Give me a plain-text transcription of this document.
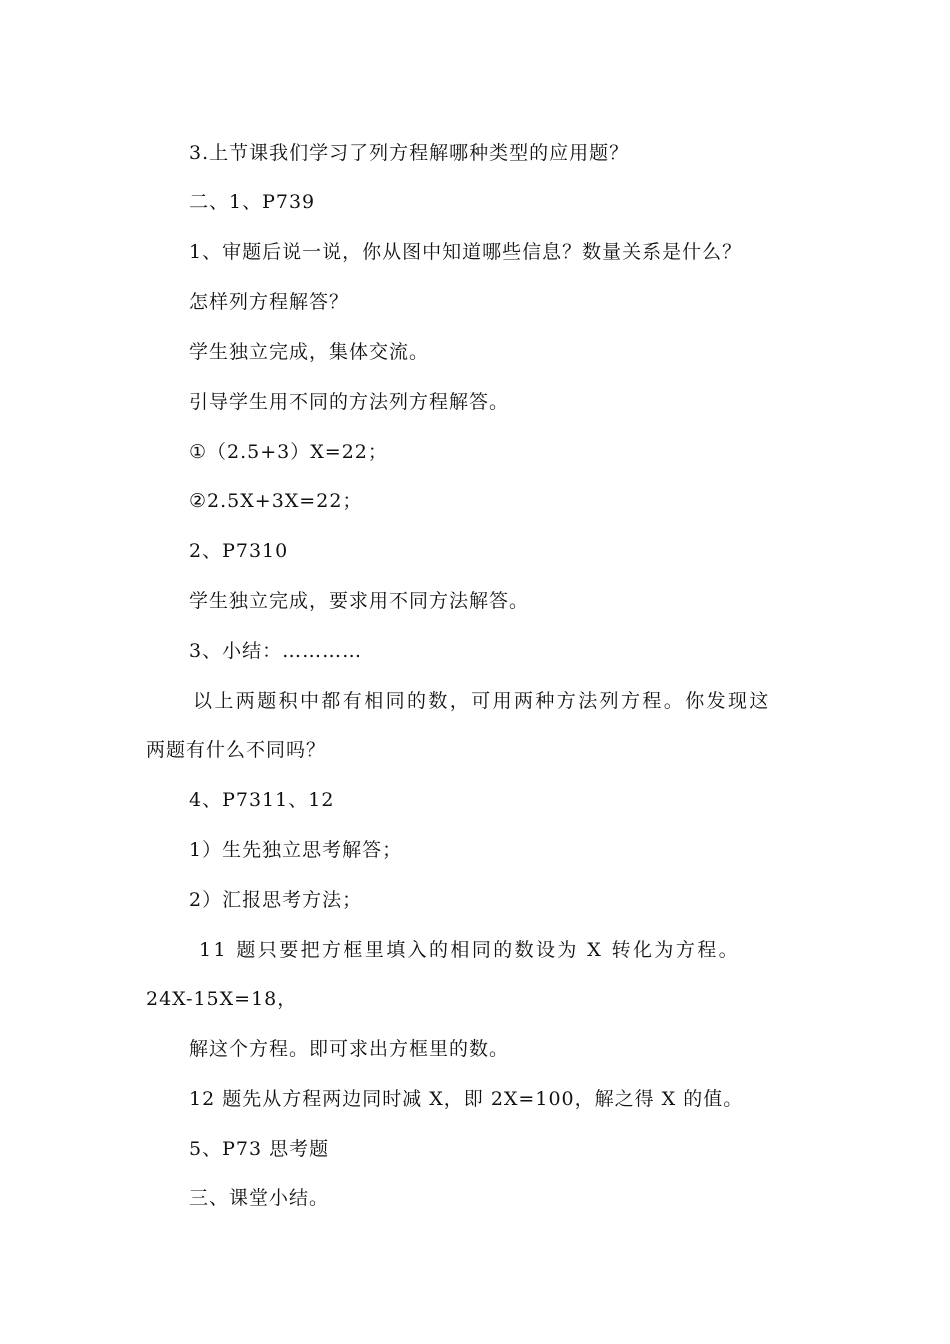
3.上节课我们学习了列方程解哪种类型的应用题？
二、1、P739
1、审题后说一说，你从图中知道哪些信息？数量关系是什么？
怎样列方程解答？
学生独立完成，集体交流。
引导学生用不同的方法列方程解答。
①（2.5+3）X=22；
②2.5X+3X=22；
2、P7310
学生独立完成，要求用不同方法解答。
3、小结：…………
以上两题积中都有相同的数，可用两种方法列方程。你发现这
两题有什么不同吗？
4、P7311、12
1）生先独立思考解答；
2）汇报思考方法；
11 题只要把方框里填入的相同的数设为 X 转化为方程。
24X-15X=18，
解这个方程。即可求出方框里的数。
12 题先从方程两边同时减 X，即 2X=100，解之得 X 的值。
5、P73 思考题
三、课堂小结。
